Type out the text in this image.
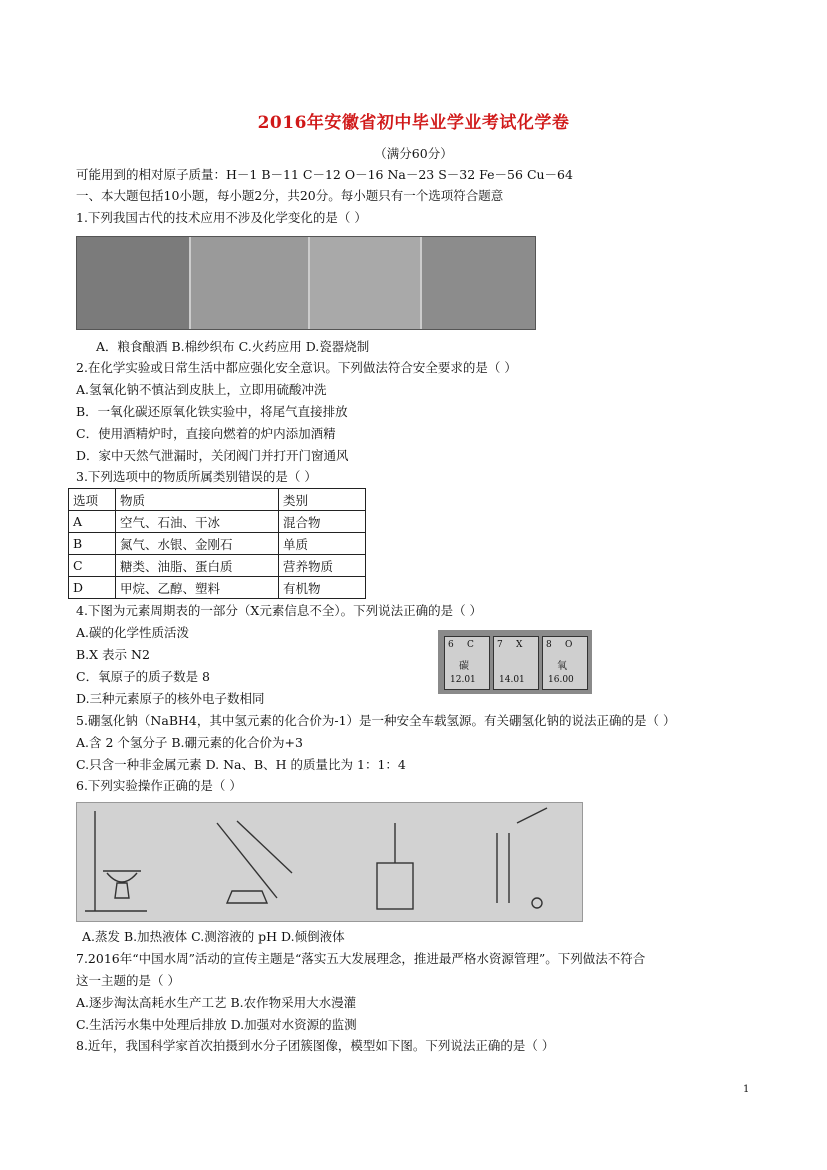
2016年安徽省初中毕业学业考试化学卷
（满分60分）
可能用到的相对原子质量：H－1 B－11 C－12 O－16 Na－23 S－32 Fe－56 Cu－64
一、本大题包括10小题，每小题2分，共20分。每小题只有一个选项符合题意
1.下列我国古代的技术应用不涉及化学变化的是（ ）
A．粮食酿酒 B.棉纱织布 C.火药应用 D.瓷器烧制
2.在化学实验或日常生活中都应强化安全意识。下列做法符合安全要求的是（ ）
A.氢氧化钠不慎沾到皮肤上，立即用硫酸冲洗
B．一氧化碳还原氧化铁实验中，将尾气直接排放
C．使用酒精炉时，直接向燃着的炉内添加酒精
D．家中天然气泄漏时，关闭阀门并打开门窗通风
3.下列选项中的物质所属类别错误的是（ ）
选项	物质	类别
A	空气、石油、干冰	混合物
B	氮气、水银、金刚石	单质
C	糖类、油脂、蛋白质	营养物质
D	甲烷、乙醇、塑料	有机物
4.下图为元素周期表的一部分（X元素信息不全）。下列说法正确的是（ ）
A.碳的化学性质活泼
B.X 表示 N2
C．氧原子的质子数是 8
D.三种元素原子的核外电子数相同
6 C
碳
12.01
7 X
14.01
8 O
氧
16.00
5.硼氢化钠（NaBH4，其中氢元素的化合价为-1）是一种安全车载氢源。有关硼氢化钠的说法正确的是（ ）
A.含 2 个氢分子 B.硼元素的化合价为+3
C.只含一种非金属元素 D. Na、B、H 的质量比为 1：1：4
6.下列实验操作正确的是（ ）
A.蒸发 B.加热液体 C.测溶液的 pH D.倾倒液体
7.2016年“中国水周”活动的宣传主题是“落实五大发展理念，推进最严格水资源管理”。下列做法不符合
这一主题的是（ ）
A.逐步淘汰高耗水生产工艺 B.农作物采用大水漫灌
C.生活污水集中处理后排放 D.加强对水资源的监测
8.近年，我国科学家首次拍摄到水分子团簇图像，模型如下图。下列说法正确的是（ ）
1
